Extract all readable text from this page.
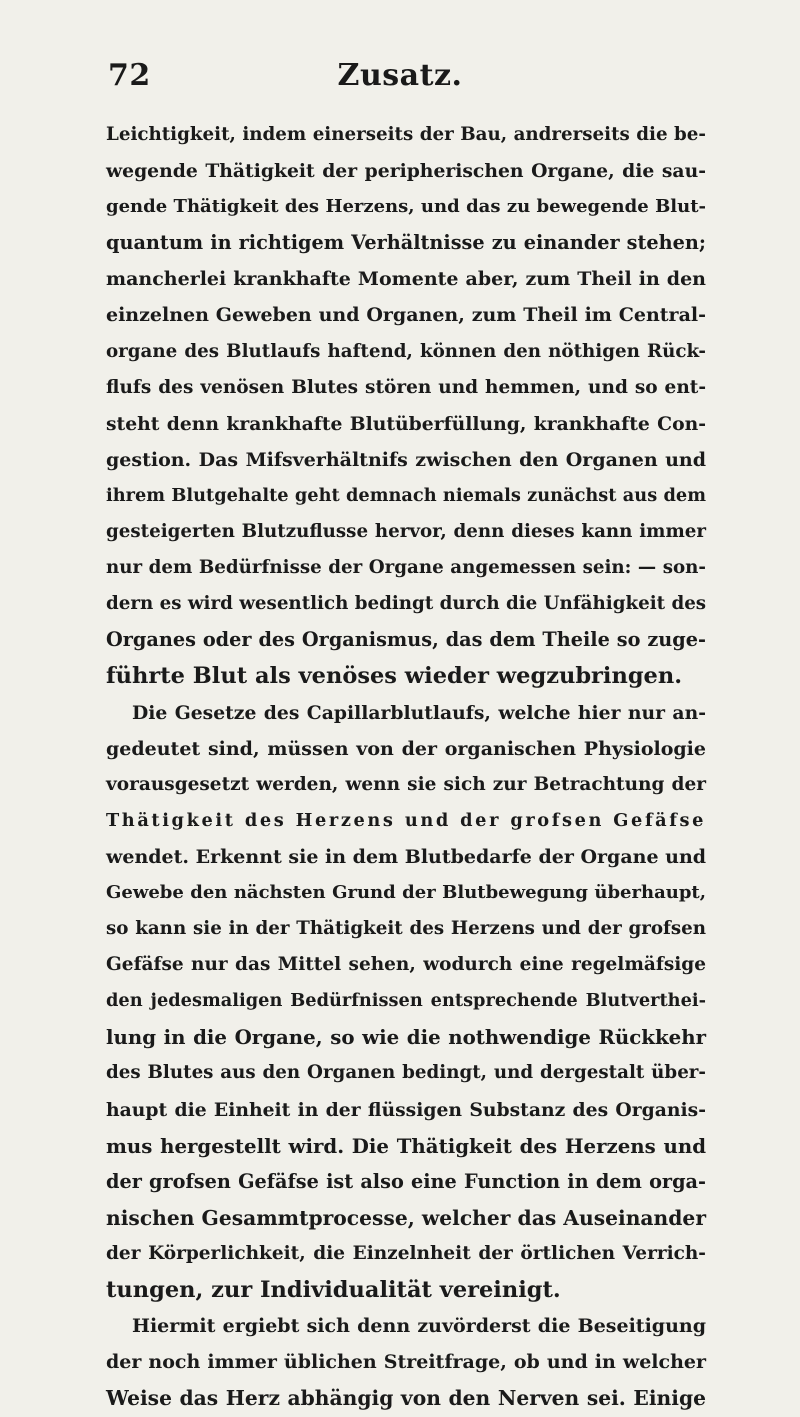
72	Zusatz.
Leichtigkeit, indem einerseits der Bau, andrerseits die be-
wegende Thätigkeit der peripherischen Organe, die sau-
gende Thätigkeit des Herzens, und das zu bewegende Blut-
quantum in richtigem Verhältnisse zu einander stehen;
mancherlei krankhafte Momente aber, zum Theil in den
einzelnen Geweben und Organen, zum Theil im Central-
organe des Blutlaufs haftend, können den nöthigen Rück-
flufs des venösen Blutes stören und hemmen, und so ent-
steht denn krankhafte Blutüberfüllung, krankhafte Con-
gestion. Das Mifsverhältnifs zwischen den Organen und
ihrem Blutgehalte geht demnach niemals zunächst aus dem
gesteigerten Blutzuflusse hervor, denn dieses kann immer
nur dem Bedürfnisse der Organe angemessen sein: — son-
dern es wird wesentlich bedingt durch die Unfähigkeit des
Organes oder des Organismus, das dem Theile so zuge-
führte Blut als venöses wieder wegzubringen.
Die Gesetze des Capillarblutlaufs, welche hier nur an-
gedeutet sind, müssen von der organischen Physiologie
vorausgesetzt werden, wenn sie sich zur Betrachtung der
Thätigkeit des Herzens und der grofsen Gefäfse
wendet. Erkennt sie in dem Blutbedarfe der Organe und
Gewebe den nächsten Grund der Blutbewegung überhaupt,
so kann sie in der Thätigkeit des Herzens und der grofsen
Gefäfse nur das Mittel sehen, wodurch eine regelmäfsige
den jedesmaligen Bedürfnissen entsprechende Blutverthei-
lung in die Organe, so wie die nothwendige Rückkehr
des Blutes aus den Organen bedingt, und dergestalt über-
haupt die Einheit in der flüssigen Substanz des Organis-
mus hergestellt wird. Die Thätigkeit des Herzens und
der grofsen Gefäfse ist also eine Function in dem orga-
nischen Gesammtprocesse, welcher das Auseinander
der Körperlichkeit, die Einzelnheit der örtlichen Verrich-
tungen, zur Individualität vereinigt.
Hiermit ergiebt sich denn zuvörderst die Beseitigung
der noch immer üblichen Streitfrage, ob und in welcher
Weise das Herz abhängig von den Nerven sei. Einige
